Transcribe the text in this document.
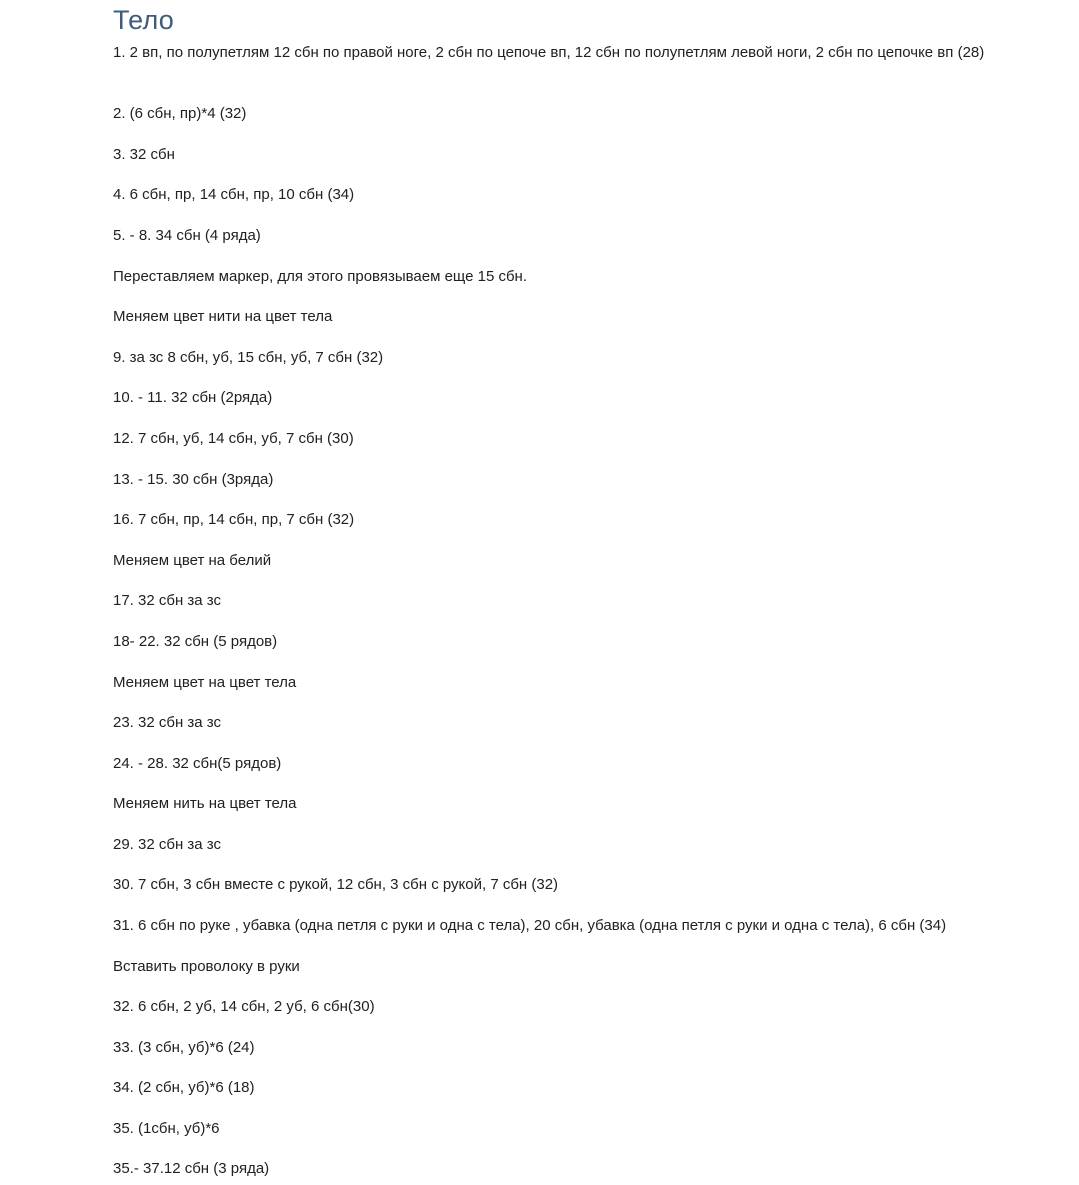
Тело
1. 2 вп, по полупетлям 12 сбн по правой ноге, 2 сбн по цепоче вп, 12 сбн по полупетлям левой ноги, 2 сбн по цепочке вп (28)
2. (6 сбн, пр)*4 (32)
3. 32 сбн
4. 6 сбн, пр, 14 сбн, пр, 10 сбн (34)
5. - 8. 34 сбн (4 ряда)
Переставляем маркер, для этого провязываем еще 15 сбн.
Меняем цвет нити на цвет тела
9. за зс 8 сбн, уб, 15 сбн, уб, 7 сбн (32)
10. - 11. 32 сбн (2ряда)
12. 7 сбн, уб, 14 сбн, уб, 7 сбн (30)
13. - 15. 30 сбн (3ряда)
16. 7 сбн, пр, 14 сбн, пр, 7 сбн (32)
Меняем цвет на белий
17. 32 сбн за зс
18- 22. 32 сбн (5 рядов)
Меняем цвет на цвет тела
23. 32 сбн за зс
24. - 28. 32 сбн(5 рядов)
Меняем нить на цвет тела
29. 32 сбн за зс
30. 7 сбн, 3 сбн вместе с рукой, 12 сбн, 3 сбн с рукой, 7 сбн (32)
31. 6 сбн по руке , убавка (одна петля с руки и одна с тела), 20 сбн, убавка (одна петля с руки и одна с тела), 6 сбн (34)
Вставить проволоку в руки
32. 6 сбн, 2 уб, 14 сбн, 2 уб, 6 сбн(30)
33. (3 сбн, уб)*6 (24)
34. (2 сбн, уб)*6 (18)
35. (1сбн, уб)*6
35.- 37.12 сбн (3 ряда)
